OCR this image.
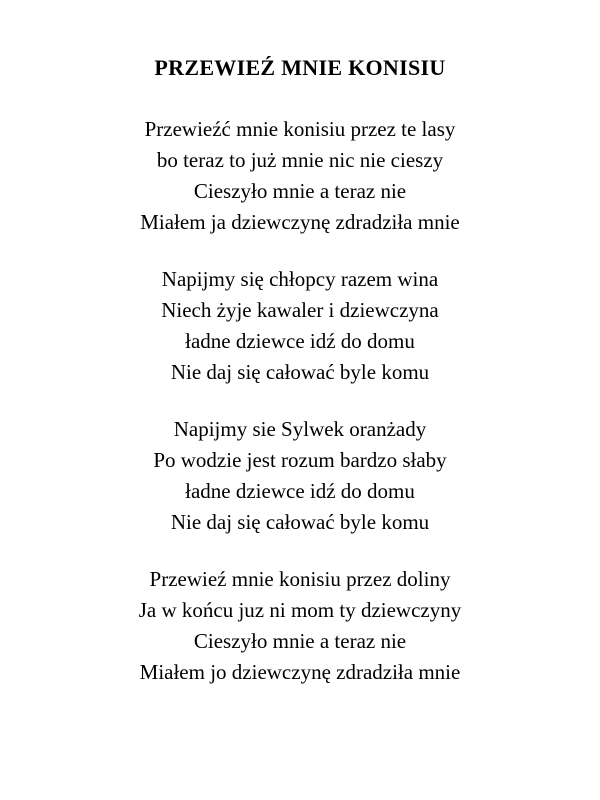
PRZEWIEŹ MNIE KONISIU
Przewieźć mnie konisiu przez te lasy
bo teraz to już mnie nic nie cieszy
Cieszyło mnie a teraz nie
Miałem ja dziewczynę zdradziła mnie
Napijmy się chłopcy razem wina
Niech żyje kawaler i dziewczyna
ładne dziewce idź do domu
Nie daj się całować byle komu
Napijmy sie Sylwek oranżady
Po wodzie jest rozum bardzo słaby
ładne dziewce idź do domu
Nie daj się całować byle komu
Przewieź mnie konisiu przez doliny
Ja w końcu juz ni mom ty dziewczyny
Cieszyło mnie a teraz nie
Miałem jo dziewczynę zdradziła mnie
